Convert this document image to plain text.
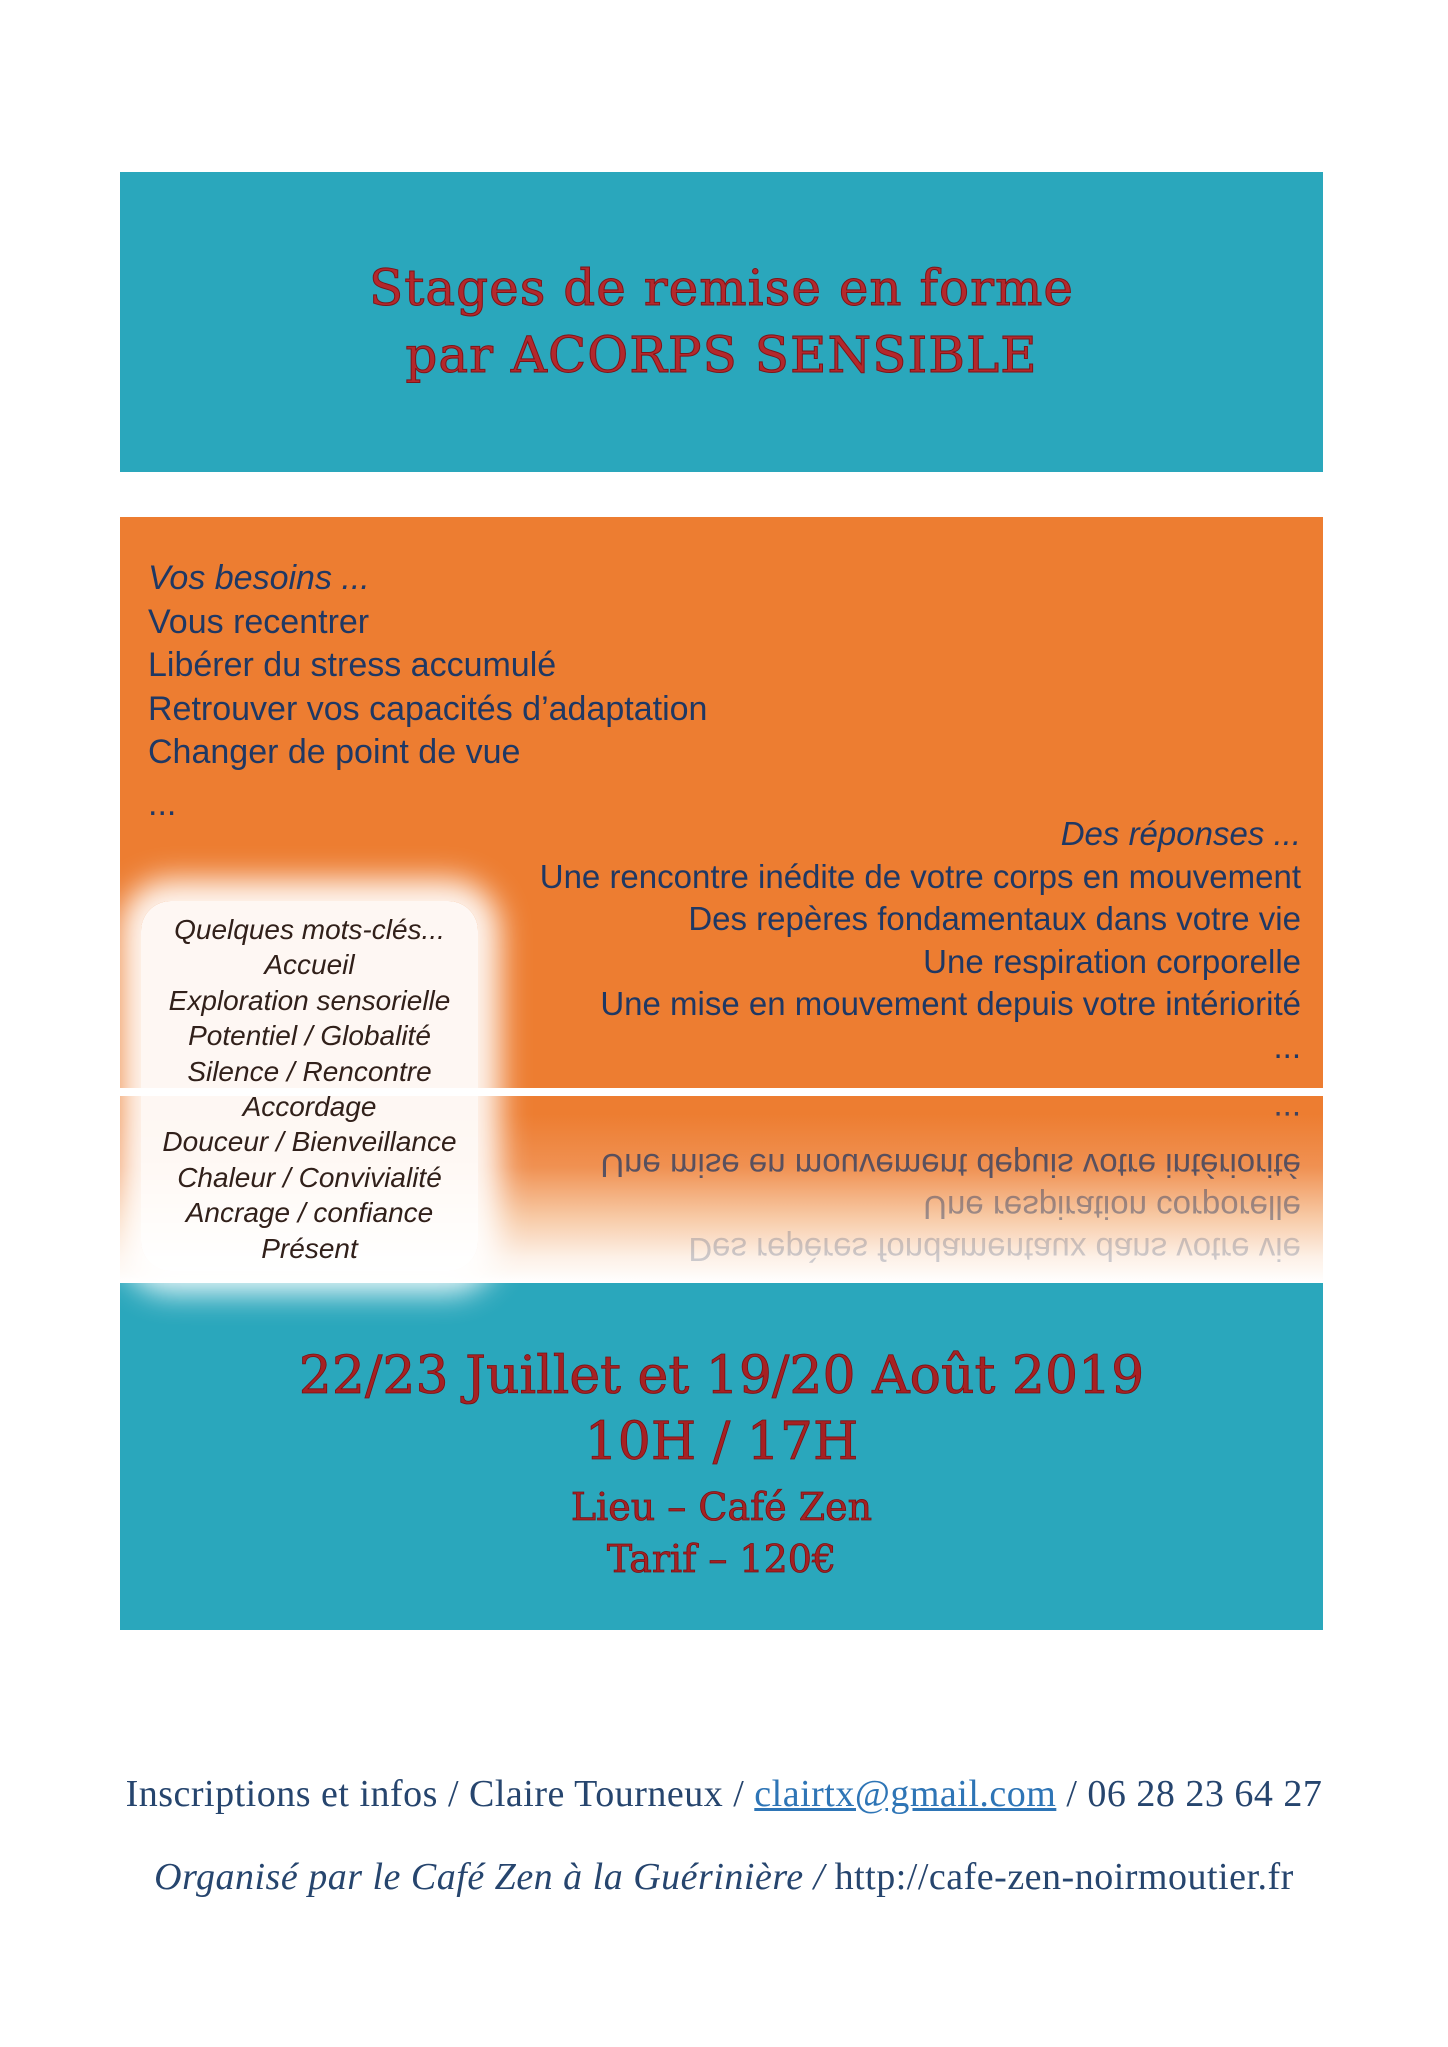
Stages de remise en forme
par ACORPS SENSIBLE
Vos besoins ...
Vous recentrer
Libérer du stress accumulé
Retrouver vos capacités d’adaptation
Changer de point de vue
...
Des réponses ...
Une rencontre inédite de votre corps en mouvement
Des repères fondamentaux dans votre vie
Une respiration corporelle
Une mise en mouvement depuis votre intériorité
...
Des repères fondamentaux dans votre vie
Une respiration corporelle
Une mise en mouvement depuis votre intériorité
...
Quelques mots-clés...
Accueil
Exploration sensorielle
Potentiel / Globalité
Silence / Rencontre
Accordage
Douceur / Bienveillance
Chaleur / Convivialité
Ancrage / confiance
Présent
22/23 Juillet et 19/20 Août 2019
10H / 17H
Lieu – Café Zen
Tarif – 120€
Inscriptions et infos / Claire Tourneux / clairtx@gmail.com / 06 28 23 64 27
Organisé par le Café Zen à la Guérinière / http://cafe-zen-noirmoutier.fr
